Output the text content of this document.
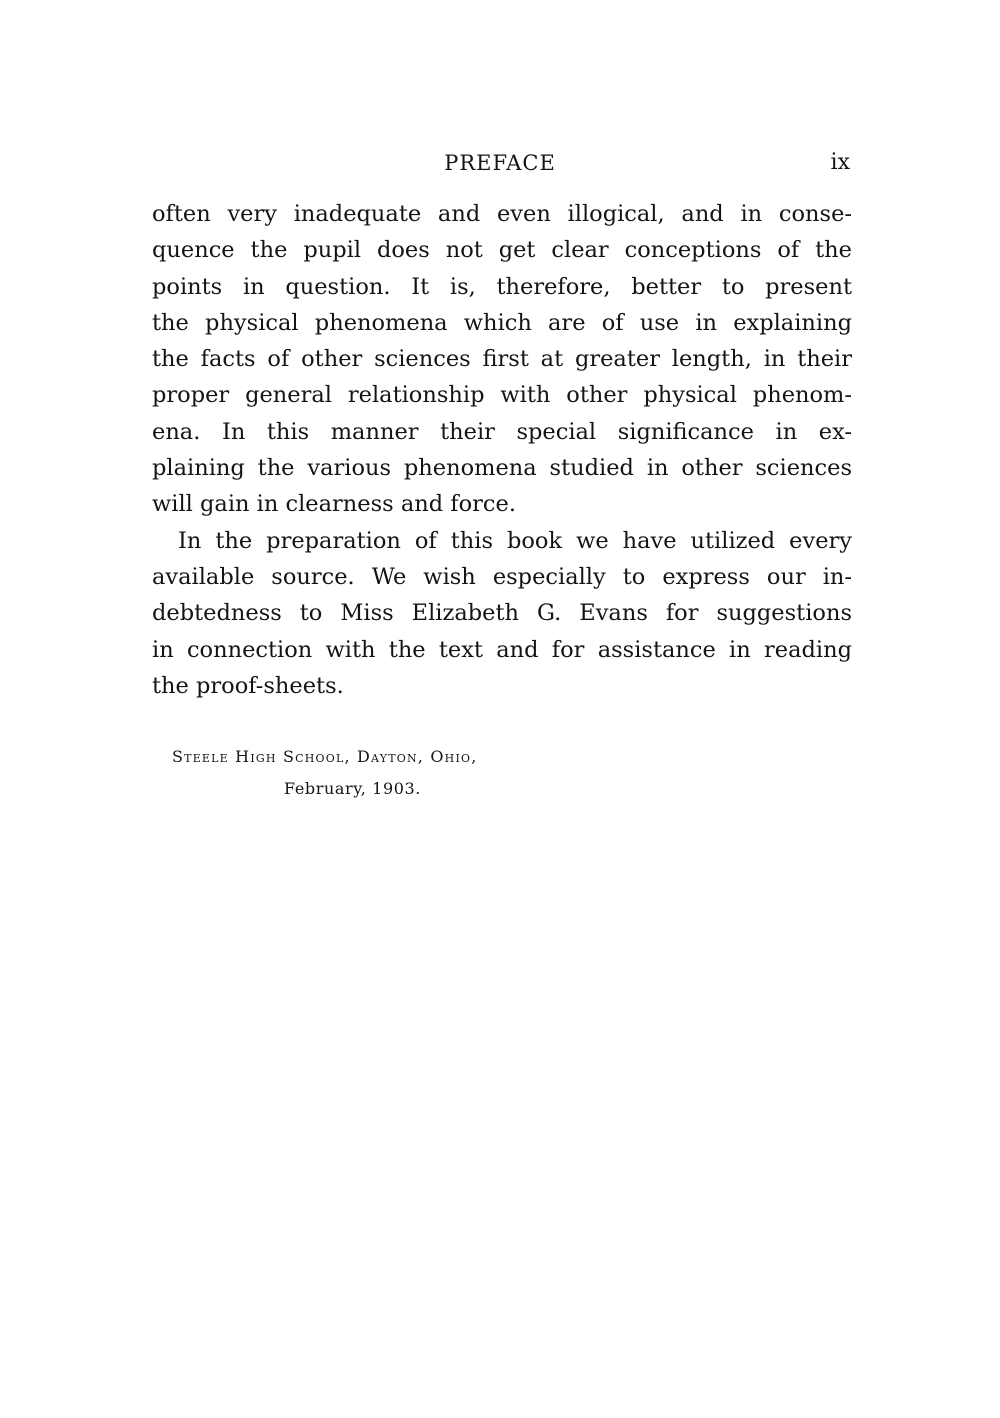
PREFACE	ix
often very inadequate and even illogical, and in conse-
quence the pupil does not get clear conceptions of the
points in question. It is, therefore, better to present
the physical phenomena which are of use in explaining
the facts of other sciences first at greater length, in their
proper general relationship with other physical phenom-
ena. In this manner their special significance in ex-
plaining the various phenomena studied in other sciences
will gain in clearness and force.
In the preparation of this book we have utilized every
available source. We wish especially to express our in-
debtedness to Miss Elizabeth G. Evans for suggestions
in connection with the text and for assistance in reading
the proof-sheets.
Steele High School, Dayton, Ohio,
February, 1903.
